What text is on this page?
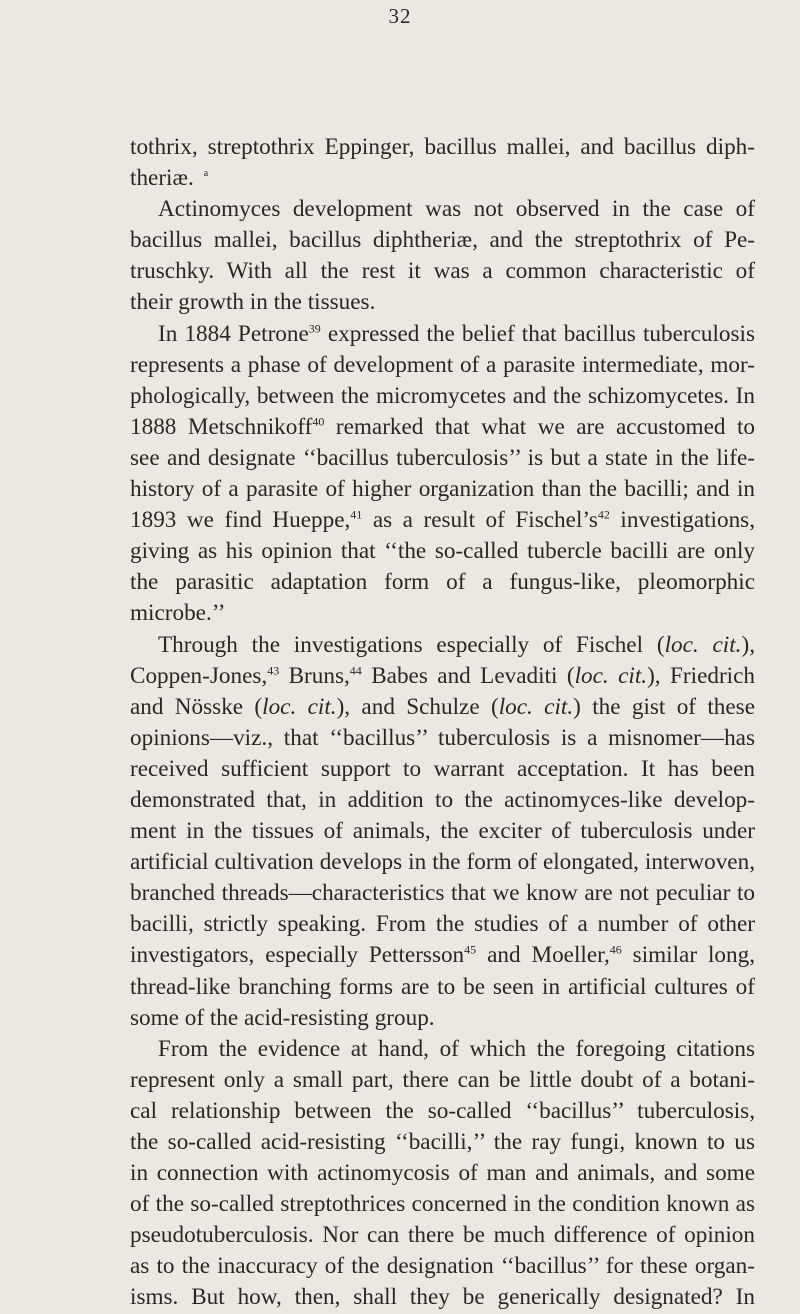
32

tothrix, streptothrix Eppinger, bacillus mallei, and bacillus diph-
theriæ. $^a$

Actinomyces development was not observed in the case of
bacillus mallei, bacillus diphtheriæ, and the streptothrix of Pe-
truschky. With all the rest it was a common characteristic of
their growth in the tissues.

In 1884 Petrone$^{39}$ expressed the belief that bacillus tuberculosis
represents a phase of development of a parasite intermediate, mor-
phologically, between the micromycetes and the schizomycetes. In
1888 Metschnikoff$^{40}$ remarked that what we are accustomed to
see and designate ‘‘bacillus tuberculosis’’ is but a state in the life-
history of a parasite of higher organization than the bacilli; and in
1893 we find Hueppe,$^{41}$ as a result of $Fischel’s^{42}$ investigations,
giving as his opinion that ‘‘the so-called tubercle bacilli are only
the parasitic adaptation form of a fungus-like, pleomorphic
microbe.’’

Through the investigations especially of Fischel (loc. cit.),
Coppen-Jones,$^{43}$ Bruns,$^{44}$ Babes and Levaditi (loc. cit.), Friedrich
and Nösske (loc. cit.), and Schulze (loc. cit.) the gist of these
opinions—viz., that ‘‘bacillus’’ tuberculosis is a misnomer—has
received sufficient support to warrant acceptation. It has been
demonstrated that, in addition to the actinomyces-like develop-
ment in the tissues of animals, the exciter of tuberculosis under
artificial cultivation develops in the form of elongated, interwoven,
branched threads—characteristics that we know are not peculiar to
bacilli, strictly speaking. From the studies of a number of other
investigators, especially Pettersson$^{45}$ and Moeller,$^{46}$ similar long,
thread-like branching forms are to be seen in artificial cultures of
some of the acid-resisting group.

From the evidence at hand, of which the foregoing citations
represent only a small part, there can be little doubt of a botani-
cal relationship between the so-called ‘‘bacillus’’ tuberculosis,
the so-called acid-resisting ‘‘bacilli,’’ the ray fungi, known to us
in connection with actinomycosis of man and animals, and some
of the so-called streptothrices concerned in the condition known as
pseudotuberculosis. Nor can there be much difference of opinion
as to the inaccuracy of the designation ‘‘bacillus’’ for these organ-
isms. But how, then, shall they be generically designated? In
